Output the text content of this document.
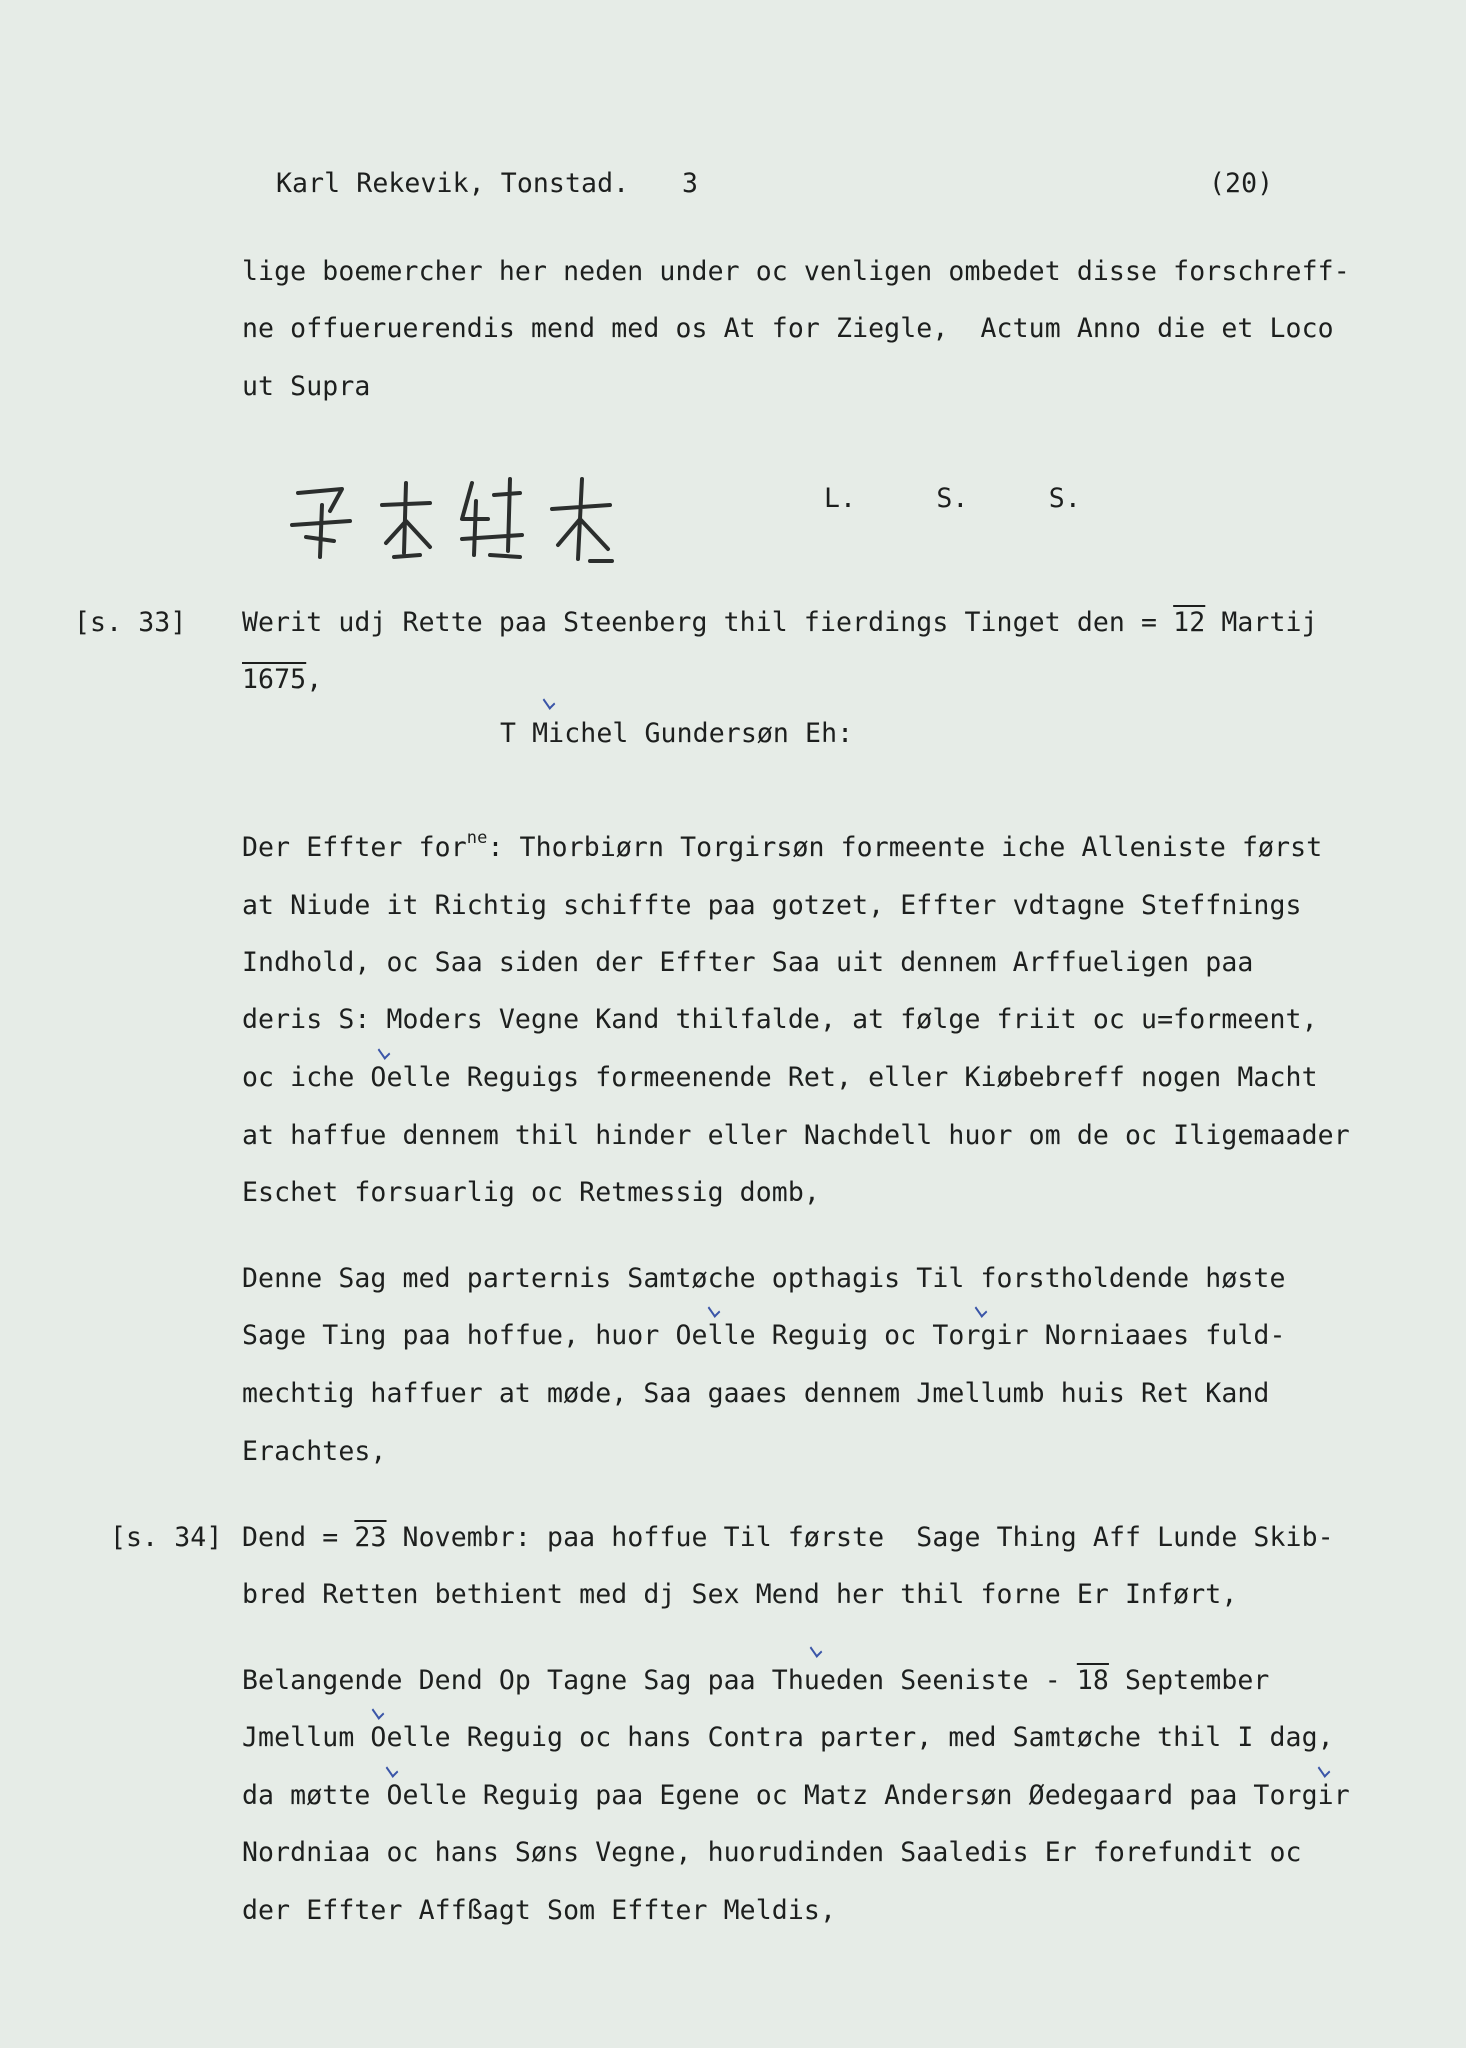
Karl Rekevik, Tonstad. 3	(20)
lige boemercher her neden under oc venligen ombedet disse forschreff-
ne offueruerendis mend med os At for Ziegle,  Actum Anno die et Loco
ut Supra
L.     S.     S.
[s. 33] Werit udj Rette paa Steenberg thil fierdings Tinget den = 12 Martij
1675,
T Michel Gundersøn Eh:
Der Effter for$^{ne}$: Thorbiørn Torgirsøn formeente iche Alleniste først
at Niude it Richtig schiffte paa gotzet, Effter vdtagne Steffnings
Indhold, oc Saa siden der Effter Saa uit dennem Arffueligen paa
deris S: Moders Vegne Kand thilfalde, at følge friit oc u=formeent,
oc iche Oelle Reguigs formeenende Ret, eller Kiøbebreff nogen Macht
at haffue dennem thil hinder eller Nachdell huor om de oc Iligemaader
Eschet forsuarlig oc Retmessig domb,
Denne Sag med parternis Samtøche opthagis Til forstholdende høste
Sage Ting paa hoffue, huor Oelle Reguig oc Torgir Norniaaes fuld-
mechtig haffuer at møde, Saa gaaes dennem Jmellumb huis Ret Kand
Erachtes,
[s. 34] Dend = 23 Novembr: paa hoffue Til første  Sage Thing Aff Lunde Skib-
bred Retten bethient med dj Sex Mend her thil forne Er Inført,
Belangende Dend Op Tagne Sag paa Thueden Seeniste - 18 September
Jmellum Oelle Reguig oc hans Contra parter, med Samtøche thil I dag,
da møtte Oelle Reguig paa Egene oc Matz Andersøn Øedegaard paa Torgir
Nordniaa oc hans Søns Vegne, huorudinden Saaledis Er forefundit oc
der Effter Affßagt Som Effter Meldis,
